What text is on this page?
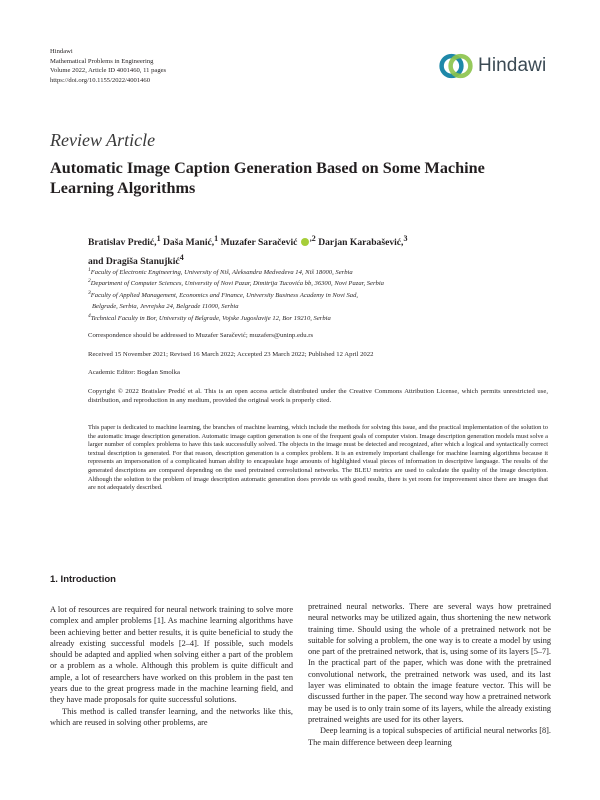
Hindawi
Mathematical Problems in Engineering
Volume 2022, Article ID 4001460, 11 pages
https://doi.org/10.1155/2022/4001460
Hindawi
Review Article
Automatic Image Caption Generation Based on Some Machine Learning Algorithms
Bratislav Predić,$^1$ Daša Manić,$^1$ Muzafer Saračević $^{,2}$ Darjan Karabašević,$^3$
and Dragiša Stanujkić$^4$
$^1$Faculty of Electronic Engineering, University of Niš, Aleksandra Medvedeva 14, Niš 18000, Serbia
$^2$Department of Computer Sciences, University of Novi Pazar, Dimitrija Tucovića bb, 36300, Novi Pazar, Serbia
$^3$Faculty of Applied Management, Economics and Finance, University Business Academy in Novi Sad,
Belgrade, Serbia, Jevrejska 24, Belgrade 11000, Serbia
$^4$Technical Faculty in Bor, University of Belgrade, Vojske Jugoslavije 12, Bor 19210, Serbia
Correspondence should be addressed to Muzafer Saračević; muzafers@uninp.edu.rs
Received 15 November 2021; Revised 16 March 2022; Accepted 23 March 2022; Published 12 April 2022
Academic Editor: Bogdan Smolka
Copyright © 2022 Bratislav Predić et al. This is an open access article distributed under the Creative Commons Attribution License, which permits unrestricted use, distribution, and reproduction in any medium, provided the original work is properly cited.
This paper is dedicated to machine learning, the branches of machine learning, which include the methods for solving this issue, and the practical implementation of the solution to the automatic image description generation. Automatic image caption generation is one of the frequent goals of computer vision. Image description generation models must solve a larger number of complex problems to have this task successfully solved. The objects in the image must be detected and recognized, after which a logical and syntactically correct textual description is generated. For that reason, description generation is a complex problem. It is an extremely important challenge for machine learning algorithms because it represents an impersonation of a complicated human ability to encapsulate huge amounts of highlighted visual pieces of information in descriptive language. The results of the generated descriptions are compared depending on the used pretrained convolutional networks. The BLEU metrics are used to calculate the quality of the image description. Although the solution to the problem of image description automatic generation does provide us with good results, there is yet room for improvement since there are images that are not adequately described.
1. Introduction

A lot of resources are required for neural network training to solve more complex and ampler problems [1]. As machine learning algorithms have been achieving better and better results, it is quite beneficial to study the already existing successful models [2–4]. If possible, such models should be adapted and applied when solving either a part of the problem or a problem as a whole. Although this problem is quite difficult and ample, a lot of researchers have worked on this problem in the past ten years due to the great progress made in the machine learning field, and they have made proposals for quite successful solutions.

This method is called transfer learning, and the networks like this, which are reused in solving other problems, are

pretrained neural networks. There are several ways how pretrained neural networks may be utilized again, thus shortening the new network training time. Should using the whole of a pretrained network not be suitable for solving a problem, the one way is to create a model by using one part of the pretrained network, that is, using some of its layers [5–7]. In the practical part of the paper, which was done with the pretrained convolutional network, the pretrained network was used, and its last layer was eliminated to obtain the image feature vector. This will be discussed further in the paper. The second way how a pretrained network may be used is to only train some of its layers, while the already existing pretrained weights are used for its other layers.

Deep learning is a topical subspecies of artificial neural networks [8]. The main difference between deep learning
